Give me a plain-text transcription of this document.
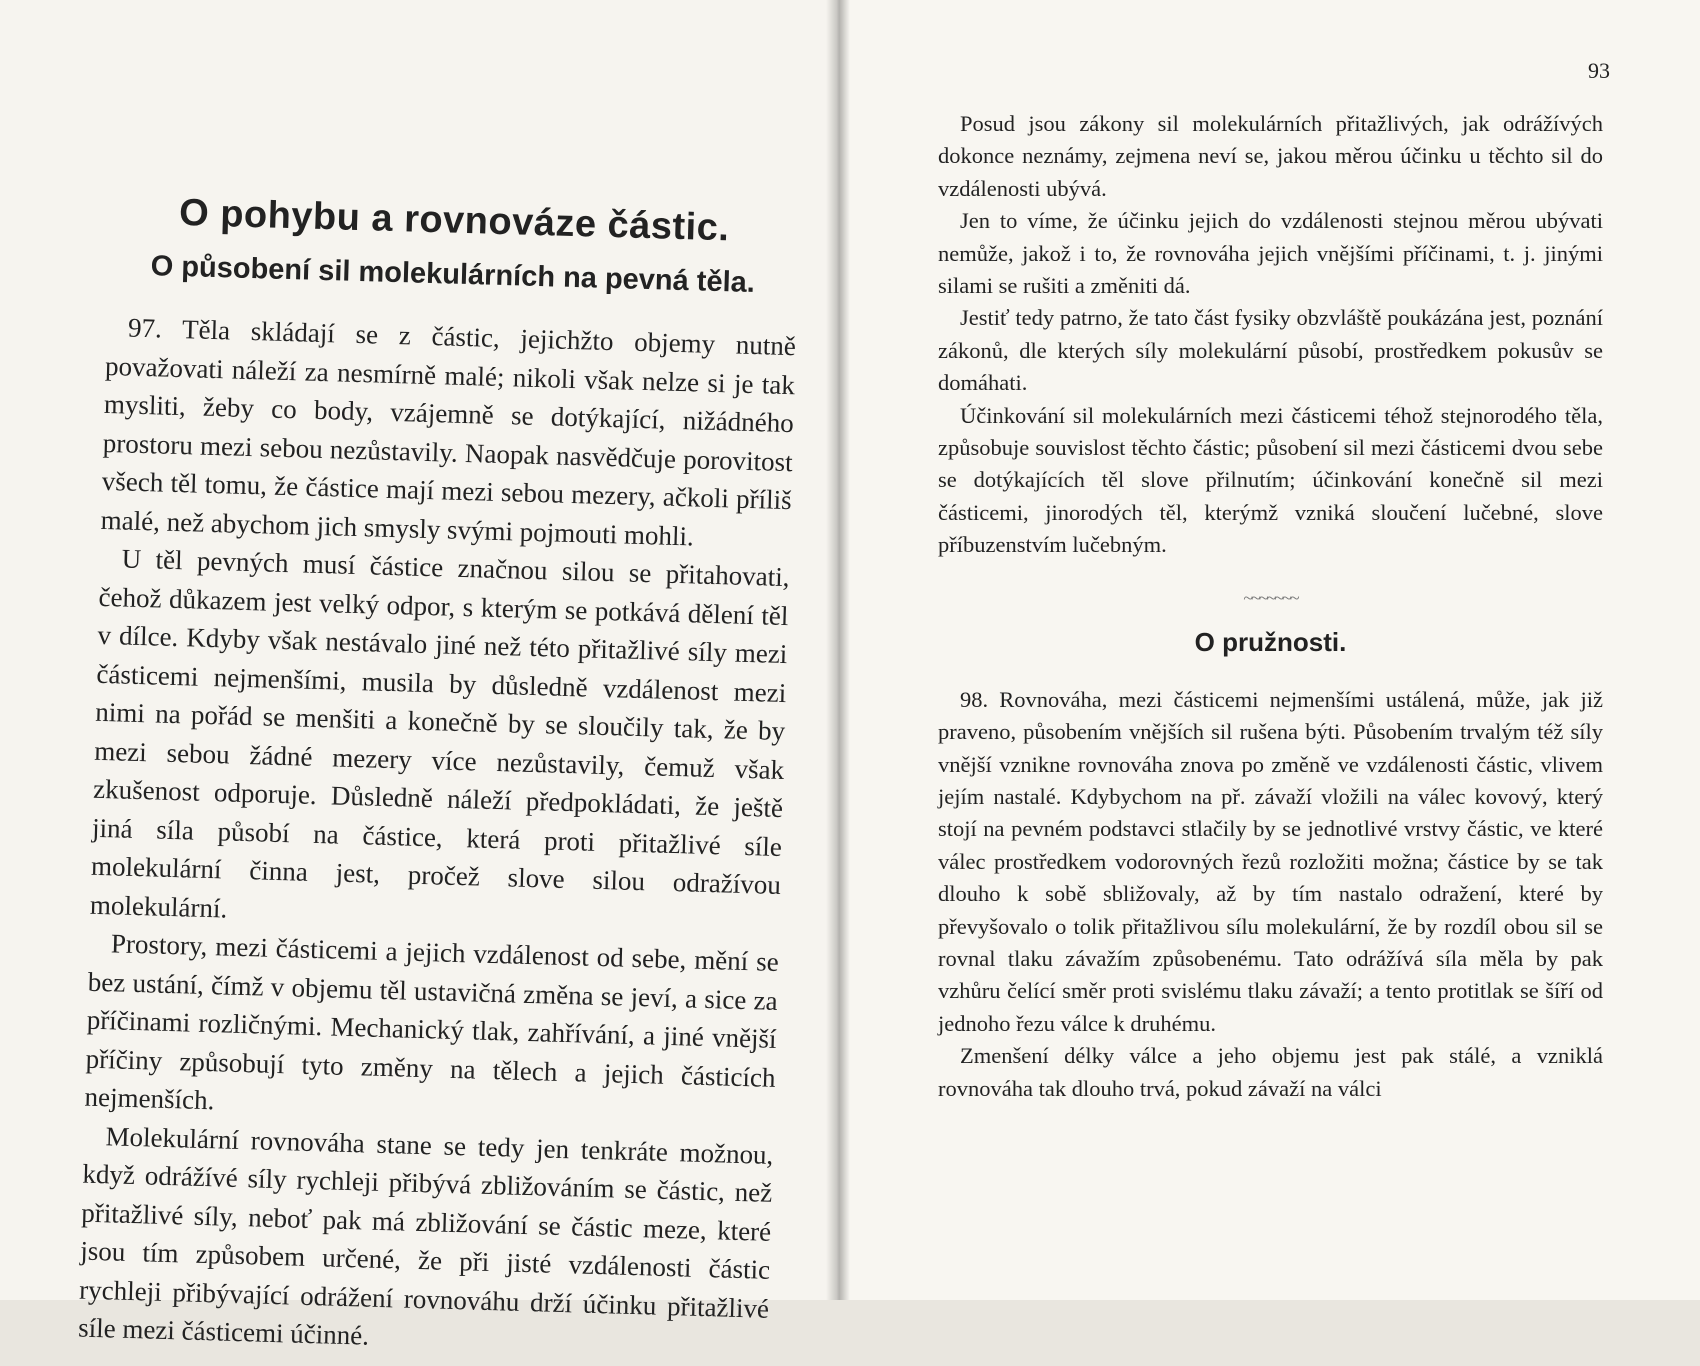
O pohybu a rovnováze částic.
O působení sil molekulárních na pevná těla.

97. Těla skládají se z částic, jejichžto objemy nutně považovati náleží za nesmírně malé; nikoli však nelze si je tak mysliti, žeby co body, vzájemně se dotýkající, nižádného prostoru mezi sebou nezůstavily. Naopak nasvědčuje porovitost všech těl tomu, že částice mají mezi sebou mezery, ačkoli příliš malé, než abychom jich smysly svými pojmouti mohli.

U těl pevných musí částice značnou silou se přitahovati, čehož důkazem jest velký odpor, s kterým se potkává dělení těl v dílce. Kdyby však nestávalo jiné než této přitažlivé síly mezi částicemi nejmenšími, musila by důsledně vzdálenost mezi nimi na pořád se menšiti a konečně by se sloučily tak, že by mezi sebou žádné mezery více nezůstavily, čemuž však zkušenost odporuje. Důsledně náleží předpokládati, že ještě jiná síla působí na částice, která proti přitažlivé síle molekulární činna jest, pročež slove silou odražívou molekulární.

Prostory, mezi částicemi a jejich vzdálenost od sebe, mění se bez ustání, čímž v objemu těl ustavičná změna se jeví, a sice za příčinami rozličnými. Mechanický tlak, zahřívání, a jiné vnější příčiny způsobují tyto změny na tělech a jejich částicích nejmenších.

Molekulární rovnováha stane se tedy jen tenkráte možnou, když odrážívé síly rychleji přibývá zbližováním se částic, než přitažlivé síly, neboť pak má zbližování se částic meze, které jsou tím způsobem určené, že při jisté vzdálenosti částic rychleji přibývající odrážení rovnováhu drží účinku přitažlivé síle mezi částicemi účinné.

93

Posud jsou zákony sil molekulárních přitažlivých, jak odrážívých dokonce neznámy, zejmena neví se, jakou měrou účinku u těchto sil do vzdálenosti ubývá.

Jen to víme, že účinku jejich do vzdálenosti stejnou měrou ubývati nemůže, jakož i to, že rovnováha jejich vnějšími příčinami, t. j. jinými silami se rušiti a změniti dá.

Jestiť tedy patrno, že tato část fysiky obzvláště poukázána jest, poznání zákonů, dle kterých síly molekulární působí, prostředkem pokusův se domáhati.

Účinkování sil molekulárních mezi částicemi téhož stejnorodého těla, způsobuje souvislost těchto částic; působení sil mezi částicemi dvou sebe se dotýkajících těl slove přilnutím; účinkování konečně sil mezi částicemi, jinorodých těl, kterýmž vzniká sloučení lučebné, slove příbuzenstvím lučebným.

~~~~~~~
O pružnosti.

98. Rovnováha, mezi částicemi nejmenšími ustálená, může, jak již praveno, působením vnějších sil rušena býti. Působením trvalým též síly vnější vznikne rovnováha znova po změně ve vzdálenosti částic, vlivem jejím nastalé. Kdybychom na př. závaží vložili na válec kovový, který stojí na pevném podstavci stlačily by se jednotlivé vrstvy částic, ve které válec prostředkem vodorovných řezů rozložiti možna; částice by se tak dlouho k sobě sbližovaly, až by tím nastalo odražení, které by převyšovalo o tolik přitažlivou sílu molekulární, že by rozdíl obou sil se rovnal tlaku závažím způsobenému. Tato odrážívá síla měla by pak vzhůru čelící směr proti svislému tlaku závaží; a tento protitlak se šíří od jednoho řezu válce k druhému.

Zmenšení délky válce a jeho objemu jest pak stálé, a vzniklá rovnováha tak dlouho trvá, pokud závaží na válci
